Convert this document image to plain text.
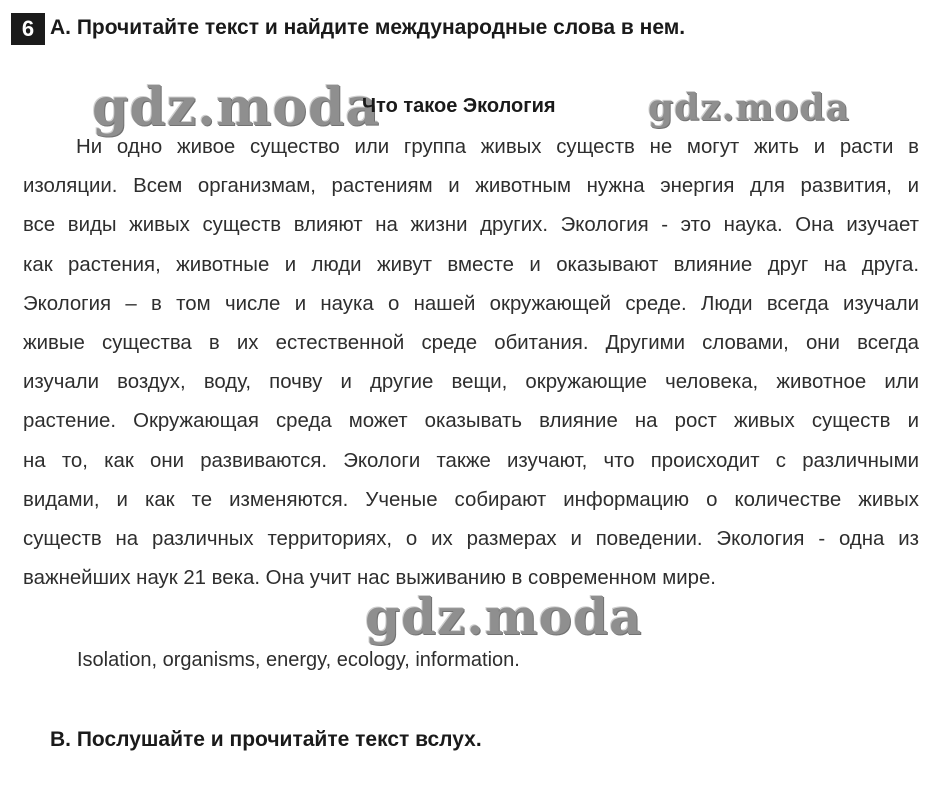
6 A. Прочитайте текст и найдите международные слова в нем.
gdz.moda	gdz.moda
Что такое Экология
Ни одно живое существо или группа живых существ не могут жить и расти в
изоляции. Всем организмам, растениям и животным нужна энергия для развития, и
все виды живых существ влияют на жизни других. Экология - это наука. Она изучает
как растения, животные и люди живут вместе и оказывают влияние друг на друга.
Экология – в том числе и наука о нашей окружающей среде. Люди всегда изучали
живые существа в их естественной среде обитания. Другими словами, они всегда
изучали воздух, воду, почву и другие вещи, окружающие человека, животное или
растение. Окружающая среда может оказывать влияние на рост живых существ и
на то, как они развиваются. Экологи также изучают, что происходит с различными
видами, и как те изменяются. Ученые собирают информацию о количестве живых
существ на различных территориях, о их размерах и поведении. Экология - одна из
важнейших наук 21 века. Она учит нас выживанию в современном мире.
gdz.moda
Isolation, organisms, energy, ecology, information.
B. Послушайте и прочитайте текст вслух.
